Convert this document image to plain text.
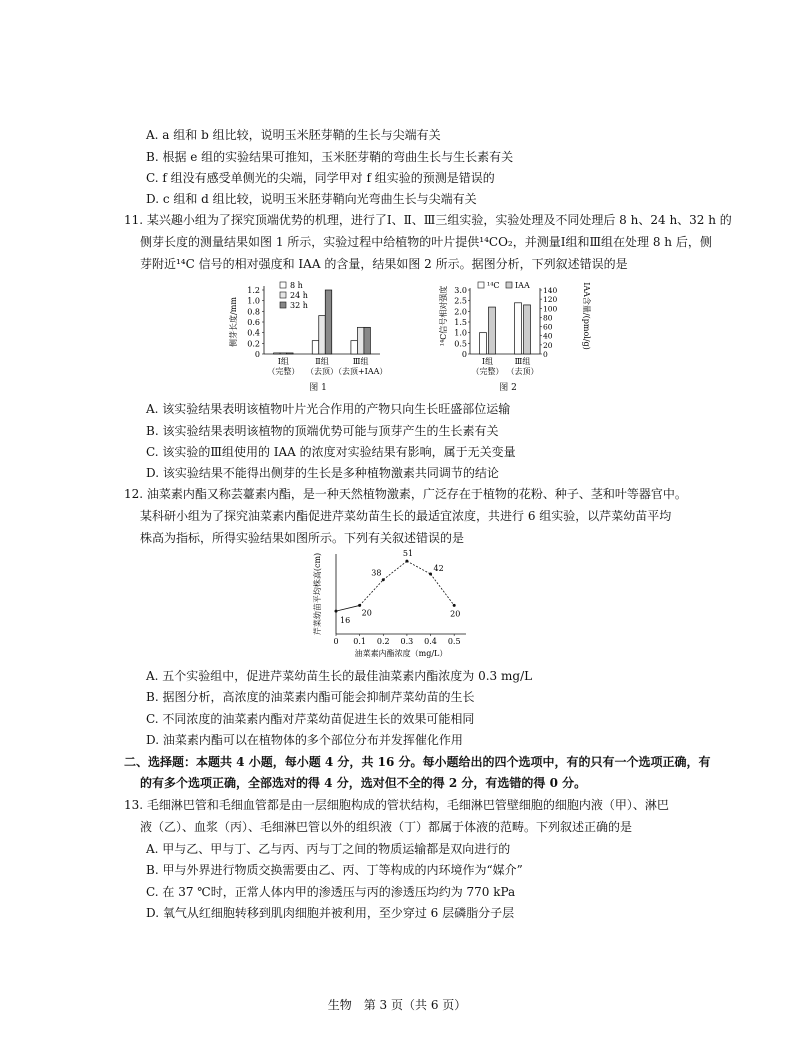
A. a 组和 b 组比较，说明玉米胚芽鞘的生长与尖端有关
B. 根据 e 组的实验结果可推知，玉米胚芽鞘的弯曲生长与生长素有关
C. f 组没有感受单侧光的尖端，同学甲对 f 组实验的预测是错误的
D. c 组和 d 组比较，说明玉米胚芽鞘向光弯曲生长与尖端有关
11. 某兴趣小组为了探究顶端优势的机理，进行了Ⅰ、Ⅱ、Ⅲ三组实验，实验处理及不同处理后 8 h、24 h、32 h 的
侧芽长度的测量结果如图 1 所示，实验过程中给植物的叶片提供¹⁴CO₂，并测量Ⅰ组和Ⅲ组在处理 8 h 后，侧
芽附近¹⁴C 信号的相对强度和 IAA 的含量，结果如图 2 所示。据图分析，下列叙述错误的是
侧芽长度/mm
0
0.2
0.4
0.6
0.8
1.0
1.2
Ⅰ组
（完整）
Ⅱ组
（去顶）
Ⅲ组
（去顶+IAA）
8 h
24 h
32 h
图 1
¹⁴C信号相对强度	IAA含量/(pmol/g)
0
0.5
1.0
1.5
2.0
2.5
3.0
0
20
40
60
80
100
120
140
Ⅰ组
（完整）
Ⅲ组
（去顶）
¹⁴C IAA
图 2
A. 该实验结果表明该植物叶片光合作用的产物只向生长旺盛部位运输
B. 该实验结果表明该植物的顶端优势可能与顶芽产生的生长素有关
C. 该实验的Ⅲ组使用的 IAA 的浓度对实验结果有影响，属于无关变量
D. 该实验结果不能得出侧芽的生长是多种植物激素共同调节的结论
12. 油菜素内酯又称芸薹素内酯，是一种天然植物激素，广泛存在于植物的花粉、种子、茎和叶等器官中。
某科研小组为了探究油菜素内酯促进芹菜幼苗生长的最适宜浓度，共进行 6 组实验，以芹菜幼苗平均
株高为指标，所得实验结果如图所示。下列有关叙述错误的是
芹菜幼苗平均株高(cm)
0 0.1 0.2 0.3 0.4 0.5
油菜素内酯浓度（mg/L）
16
20
38
51
42
20
A. 五个实验组中，促进芹菜幼苗生长的最佳油菜素内酯浓度为 0.3 mg/L
B. 据图分析，高浓度的油菜素内酯可能会抑制芹菜幼苗的生长
C. 不同浓度的油菜素内酯对芹菜幼苗促进生长的效果可能相同
D. 油菜素内酯可以在植物体的多个部位分布并发挥催化作用
二、选择题：本题共 4 小题，每小题 4 分，共 16 分。每小题给出的四个选项中，有的只有一个选项正确，有
的有多个选项正确，全部选对的得 4 分，选对但不全的得 2 分，有选错的得 0 分。
13. 毛细淋巴管和毛细血管都是由一层细胞构成的管状结构，毛细淋巴管壁细胞的细胞内液（甲）、淋巴
液（乙）、血浆（丙）、毛细淋巴管以外的组织液（丁）都属于体液的范畴。下列叙述正确的是
A. 甲与乙、甲与丁、乙与丙、丙与丁之间的物质运输都是双向进行的
B. 甲与外界进行物质交换需要由乙、丙、丁等构成的内环境作为“媒介”
C. 在 37 ℃时，正常人体内甲的渗透压与丙的渗透压均约为 770 kPa
D. 氧气从红细胞转移到肌肉细胞并被利用，至少穿过 6 层磷脂分子层
生物　第 3 页（共 6 页）
